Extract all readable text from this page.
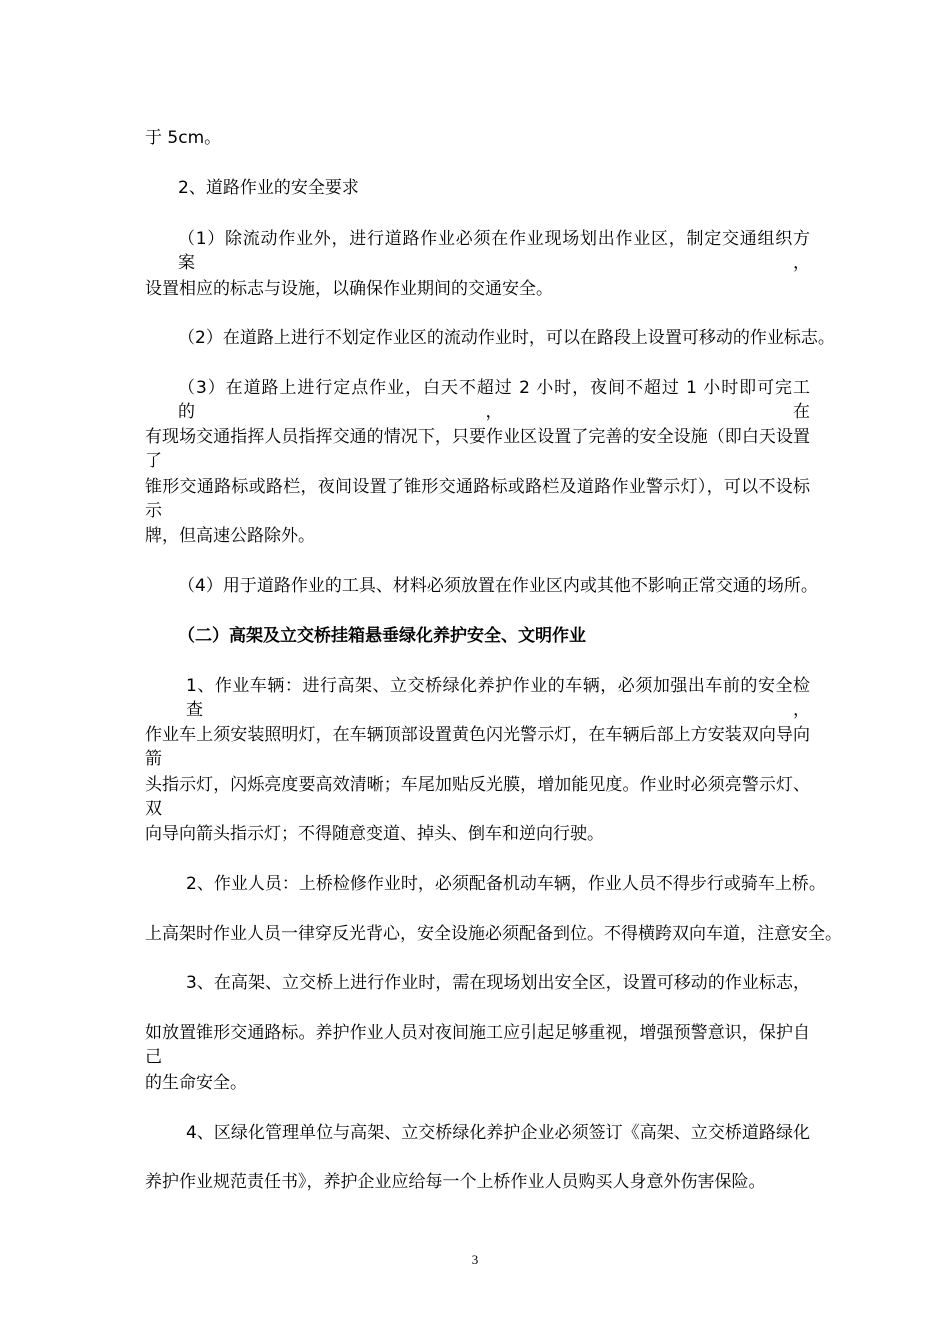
于 5cm。
2、道路作业的安全要求
（1）除流动作业外，进行道路作业必须在作业现场划出作业区，制定交通组织方案，
设置相应的标志与设施，以确保作业期间的交通安全。
（2）在道路上进行不划定作业区的流动作业时，可以在路段上设置可移动的作业标志。
（3）在道路上进行定点作业，白天不超过 2 小时，夜间不超过 1 小时即可完工的，在
有现场交通指挥人员指挥交通的情况下，只要作业区设置了完善的安全设施（即白天设置了
锥形交通路标或路栏，夜间设置了锥形交通路标或路栏及道路作业警示灯），可以不设标示
牌，但高速公路除外。
（4）用于道路作业的工具、材料必须放置在作业区内或其他不影响正常交通的场所。
（二）高架及立交桥挂箱悬垂绿化养护安全、文明作业
1、作业车辆：进行高架、立交桥绿化养护作业的车辆，必须加强出车前的安全检查，
作业车上须安装照明灯，在车辆顶部设置黄色闪光警示灯，在车辆后部上方安装双向导向箭
头指示灯，闪烁亮度要高效清晰；车尾加贴反光膜，增加能见度。作业时必须亮警示灯、双
向导向箭头指示灯；不得随意变道、掉头、倒车和逆向行驶。
2、作业人员：上桥检修作业时，必须配备机动车辆，作业人员不得步行或骑车上桥。
上高架时作业人员一律穿反光背心，安全设施必须配备到位。不得横跨双向车道，注意安全。
3、在高架、立交桥上进行作业时，需在现场划出安全区，设置可移动的作业标志，
如放置锥形交通路标。养护作业人员对夜间施工应引起足够重视，增强预警意识，保护自己
的生命安全。
4、区绿化管理单位与高架、立交桥绿化养护企业必须签订《高架、立交桥道路绿化
养护作业规范责任书》，养护企业应给每一个上桥作业人员购买人身意外伤害保险。
3
